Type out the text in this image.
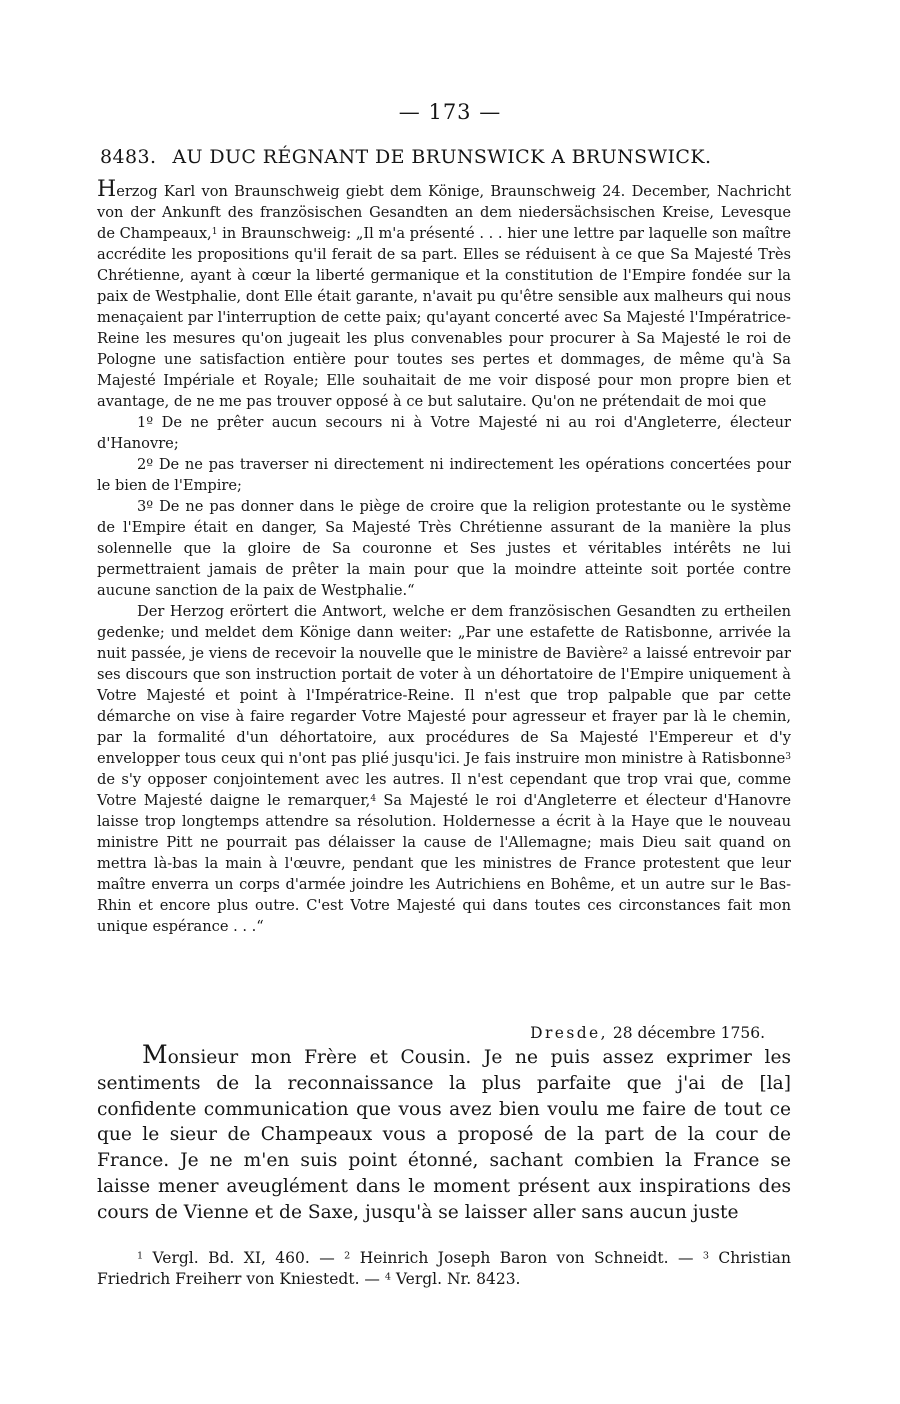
— 173 —
8483. AU DUC RÉGNANT DE BRUNSWICK A BRUNSWICK.

Herzog Karl von Braunschweig giebt dem Könige, Braunschweig 24. December, Nachricht von der Ankunft des französischen Gesandten an dem niedersächsischen Kreise, Levesque de Champeaux,$^1$ in Braunschweig: „Il m'a présenté . . . hier une lettre par laquelle son maître accrédite les propositions qu'il ferait de sa part. Elles se réduisent à ce que Sa Majesté Très Chrétienne, ayant à cœur la liberté germanique et la constitution de l'Empire fondée sur la paix de Westphalie, dont Elle était garante, n'avait pu qu'être sensible aux malheurs qui nous menaçaient par l'interruption de cette paix; qu'ayant concerté avec Sa Majesté l'Impératrice-Reine les mesures qu'on jugeait les plus convenables pour procurer à Sa Majesté le roi de Pologne une satisfaction entière pour toutes ses pertes et dommages, de même qu'à Sa Majesté Impériale et Royale; Elle souhaitait de me voir disposé pour mon propre bien et avantage, de ne me pas trouver opposé à ce but salutaire. Qu'on ne prétendait de moi que

1º De ne prêter aucun secours ni à Votre Majesté ni au roi d'Angleterre, électeur d'Hanovre;

2º De ne pas traverser ni directement ni indirectement les opérations concertées pour le bien de l'Empire;

3º De ne pas donner dans le piège de croire que la religion protestante ou le système de l'Empire était en danger, Sa Majesté Très Chrétienne assurant de la manière la plus solennelle que la gloire de Sa couronne et Ses justes et véritables intérêts ne lui permettraient jamais de prêter la main pour que la moindre atteinte soit portée contre aucune sanction de la paix de Westphalie.“

Der Herzog erörtert die Antwort, welche er dem französischen Gesandten zu ertheilen gedenke; und meldet dem Könige dann weiter: „Par une estafette de Ratisbonne, arrivée la nuit passée, je viens de recevoir la nouvelle que le ministre de Bavière$^2$ a laissé entrevoir par ses discours que son instruction portait de voter à un déhortatoire de l'Empire uniquement à Votre Majesté et point à l'Impératrice-Reine. Il n'est que trop palpable que par cette démarche on vise à faire regarder Votre Majesté pour agresseur et frayer par là le chemin, par la formalité d'un déhortatoire, aux procédures de Sa Majesté l'Empereur et d'y envelopper tous ceux qui n'ont pas plié jusqu'ici. Je fais instruire mon ministre à Ratisbonne$^3$ de s'y opposer conjointement avec les autres. Il n'est cependant que trop vrai que, comme Votre Majesté daigne le remarquer,$^4$ Sa Majesté le roi d'Angleterre et électeur d'Hanovre laisse trop longtemps attendre sa résolution. Holdernesse a écrit à la Haye que le nouveau ministre Pitt ne pourrait pas délaisser la cause de l'Allemagne; mais Dieu sait quand on mettra là-bas la main à l'œuvre, pendant que les ministres de France protestent que leur maître enverra un corps d'armée joindre les Autrichiens en Bohême, et un autre sur le Bas-Rhin et encore plus outre. C'est Votre Majesté qui dans toutes ces circonstances fait mon unique espérance . . .“

Dresde, 28 décembre 1756.

Monsieur mon Frère et Cousin. Je ne puis assez exprimer les sentiments de la reconnaissance la plus parfaite que j'ai de [la] confidente communication que vous avez bien voulu me faire de tout ce que le sieur de Champeaux vous a proposé de la part de la cour de France. Je ne m'en suis point étonné, sachant combien la France se laisse mener aveuglément dans le moment présent aux inspirations des cours de Vienne et de Saxe, jusqu'à se laisser aller sans aucun juste

$^1$ Vergl. Bd. XI, 460. — $^2$ Heinrich Joseph Baron von Schneidt. — $^3$ Christian Friedrich Freiherr von Kniestedt. — $^4$ Vergl. Nr. 8423.
